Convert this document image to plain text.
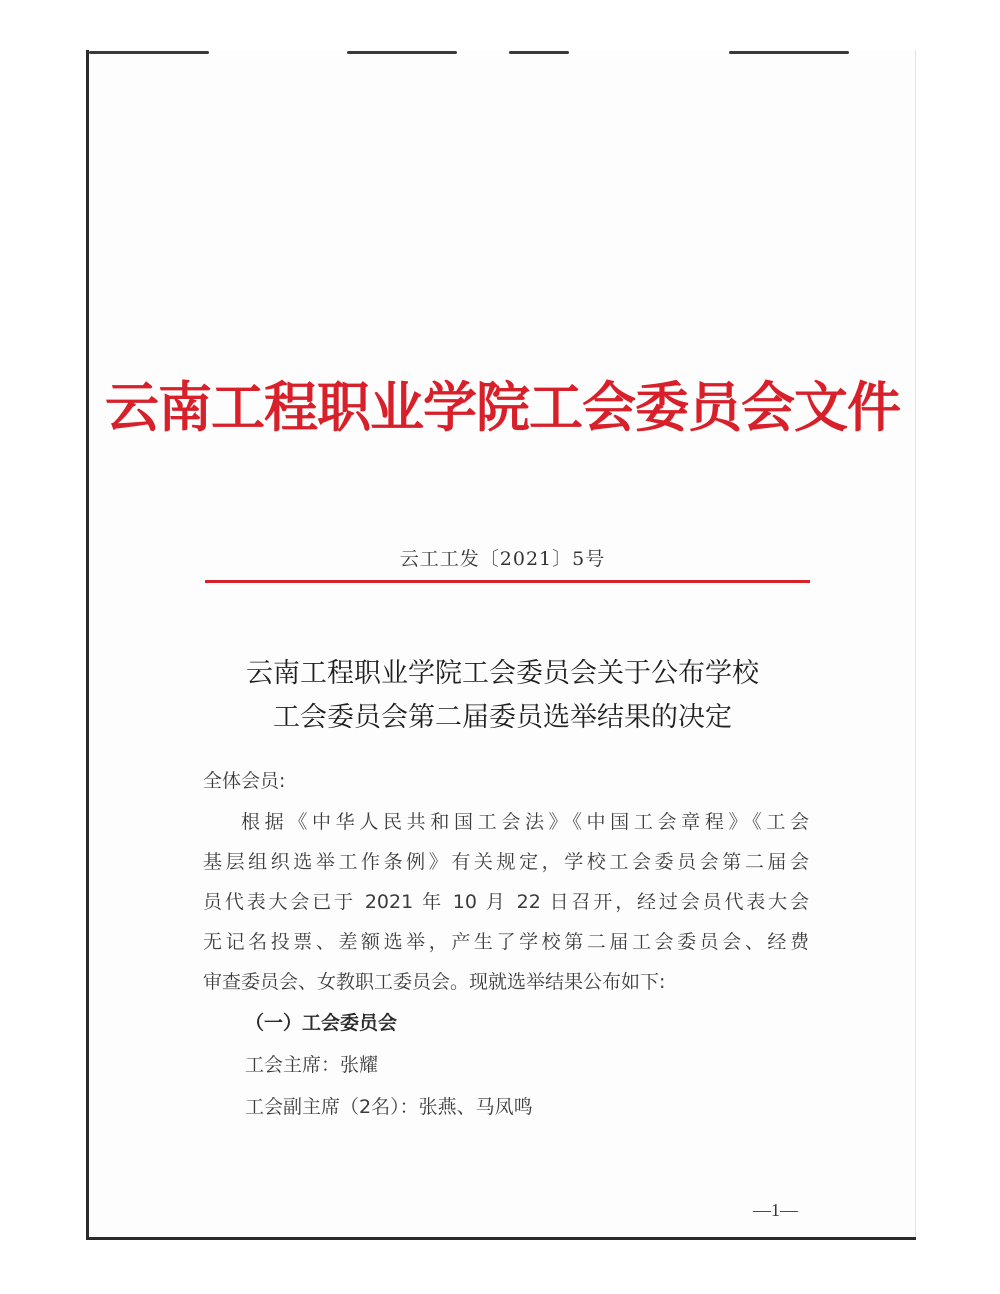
云南工程职业学院工会委员会文件
云工工发〔2021〕5号
云南工程职业学院工会委员会关于公布学校
工会委员会第二届委员选举结果的决定
全体会员:
根据《中华人民共和国工会法》《中国工会章程》《工会
基层组织选举工作条例》有关规定，学校工会委员会第二届会
员代表大会已于 2021 年 10 月 22 日召开，经过会员代表大会
无记名投票、差额选举，产生了学校第二届工会委员会、经费
审查委员会、女教职工委员会。现就选举结果公布如下:
（一）工会委员会
工会主席：张耀
工会副主席（2名）：张燕、马凤鸣
—1—
